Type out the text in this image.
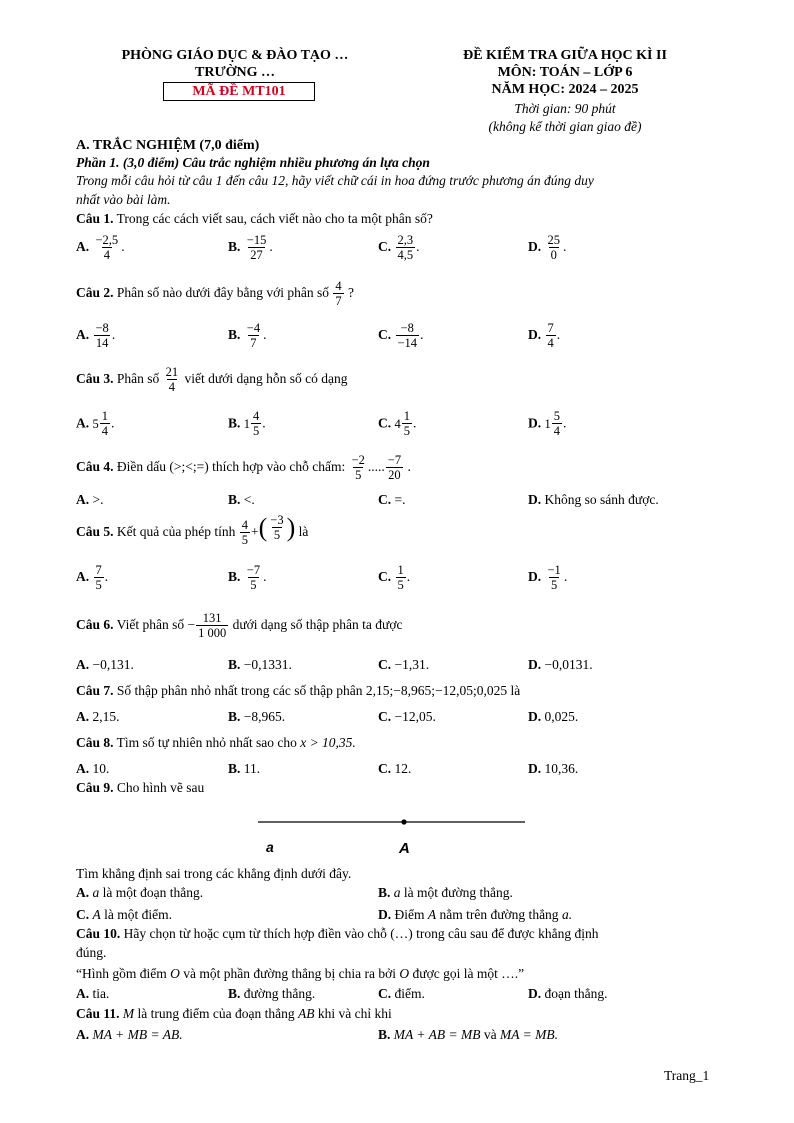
PHÒNG GIÁO DỤC & ĐÀO TẠO …
TRƯỜNG …
MÃ ĐỀ MT101
ĐỀ KIỂM TRA GIỮA HỌC KÌ II
MÔN: TOÁN – LỚP 6
NĂM HỌC: 2024 – 2025
Thời gian: 90 phút
(không kể thời gian giao đề)
A. TRẮC NGHIỆM (7,0 điểm)
Phần 1. (3,0 điểm) Câu trắc nghiệm nhiều phương án lựa chọn
Trong mỗi câu hỏi từ câu 1 đến câu 12, hãy viết chữ cái in hoa đứng trước phương án đúng duy
nhất vào bài làm.
Câu 1. Trong các cách viết sau, cách viết nào cho ta một phân số?
A. $\frac{-2,5}{4}$ .	B. $\frac{-15}{27}$ .	C. $\frac{2,3}{4,5}$ .	D. $\frac{25}{0}$ .
Câu 2. Phân số nào dưới đây bằng với phân số $\frac{4}{7}$ ?
A. $\frac{-8}{14}$ .	B. $\frac{-4}{7}$ .	C. $\frac{-8}{-14}$ .	D. $\frac{7}{4}$ .
Câu 3. Phân số $\frac{21}{4}$ viết dưới dạng hỗn số có dạng
A. $5 \frac{1}{4}$ .	B. $1 \frac{4}{5}$ .	C. $4 \frac{1}{5}$ .	D. $1 \frac{5}{4}$ .
Câu 4. Điền dấu (>;<;=) thích hợp vào chỗ chấm: $\frac{-2}{5}$ ..... $\frac{-7}{20}$ .
A. >.	B. <.	C. =.	D. Không so sánh được.
Câu 5. Kết quả của phép tính $\frac{4}{5}$ + ( $\frac{-3}{5}$ ) là
A. $\frac{7}{5}$ .	B. $\frac{-7}{5}$ .	C. $\frac{1}{5}$ .	D. $\frac{-1}{5}$ .
Câu 6. Viết phân số − $\frac{131}{1 000}$ dưới dạng số thập phân ta được
A. −0,131.	B. −0,1331.	C. −1,31.	D. −0,0131.
Câu 7. Số thập phân nhỏ nhất trong các số thập phân 2,15;−8,965;−12,05;0,025 là
A. 2,15.	B. −8,965.	C. −12,05.	D. 0,025.
Câu 8. Tìm số tự nhiên nhỏ nhất sao cho x > 10,35.
A. 10.	B. 11.	C. 12.	D. 10,36.
Câu 9. Cho hình vẽ sau
a	A
Tìm khẳng định sai trong các khẳng định dưới đây.
A. a là một đoạn thẳng.	B. a là một đường thẳng.
C. A là một điểm.	D. Điểm A nằm trên đường thẳng a.
Câu 10. Hãy chọn từ hoặc cụm từ thích hợp điền vào chỗ (…) trong câu sau để được khẳng định
đúng.
“Hình gồm điểm O và một phần đường thẳng bị chia ra bởi O được gọi là một ….”
A. tia.	B. đường thẳng.	C. điểm.	D. đoạn thẳng.
Câu 11. M là trung điểm của đoạn thẳng AB khi và chỉ khi
A. MA + MB = AB.	B. MA + AB = MB và MA = MB.
Trang_1
